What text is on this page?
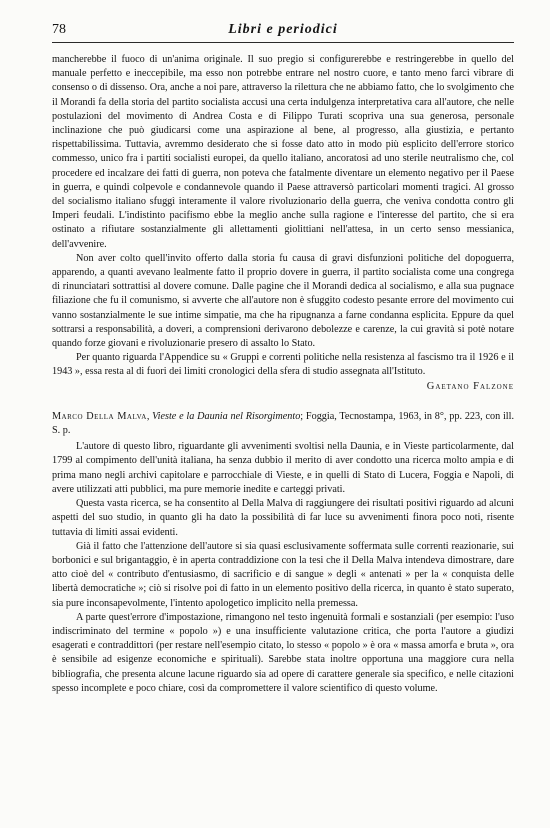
78	Libri e periodici

mancherebbe il fuoco di un'anima originale. Il suo pregio si configurerebbe e restringerebbe in quello del manuale perfetto e ineccepibile, ma esso non potrebbe entrare nel nostro cuore, e tanto meno farci vibrare di consenso o di dissenso. Ora, anche a noi pare, attraverso la rilettura che ne abbiamo fatto, che lo svolgimento che il Morandi fa della storia del partito socialista accusi una certa indulgenza interpretativa cara all'autore, che nelle postulazioni del movimento di Andrea Costa e di Filippo Turati scopriva una sua generosa, personale inclinazione che può giudicarsi come una aspirazione al bene, al progresso, alla giustizia, e pertanto rispettabilissima. Tuttavia, avremmo desiderato che si fosse dato atto in modo più esplicito dell'errore storico commesso, unico fra i partiti socialisti europei, da quello italiano, ancoratosi ad uno sterile neutralismo che, col procedere ed incalzare dei fatti di guerra, non poteva che fatalmente diventare un elemento negativo per il Paese in guerra, e quindi colpevole e condannevole quando il Paese attraversò particolari momenti tragici. Al grosso del socialismo italiano sfuggì interamente il valore rivoluzionario della guerra, che veniva condotta contro gli Imperi feudali. L'indistinto pacifismo ebbe la meglio anche sulla ragione e l'interesse del partito, che si era ostinato a rifiutare sostanzialmente gli allettamenti giolittiani nell'attesa, in un certo senso messianica, dell'avvenire.

Non aver colto quell'invito offerto dalla storia fu causa di gravi disfunzioni politiche del dopoguerra, apparendo, a quanti avevano lealmente fatto il proprio dovere in guerra, il partito socialista come una congrega di rinunciatari sottrattisi al dovere comune. Dalle pagine che il Morandi dedica al socialismo, e alla sua pugnace filiazione che fu il comunismo, si avverte che all'autore non è sfuggito codesto pesante errore del movimento cui vanno sostanzialmente le sue intime simpatie, ma che ha ripugnanza a farne condanna esplicita. Eppure da quel sottrarsi a responsabilità, a doveri, a comprensioni derivarono debolezze e carenze, la cui gravità si potè notare quando forze giovani e rivoluzionarie presero di assalto lo Stato.

Per quanto riguarda l'Appendice su « Gruppi e correnti politiche nella resistenza al fascismo tra il 1926 e il 1943 », essa resta al di fuori dei limiti cronologici della sfera di studio assegnata all'Istituto.

Gaetano Falzone

Marco Della Malva, Vieste e la Daunia nel Risorgimento; Foggia, Tecnostampa, 1963, in 8°, pp. 223, con ill. S. p.

L'autore di questo libro, riguardante gli avvenimenti svoltisi nella Daunia, e in Vieste particolarmente, dal 1799 al compimento dell'unità italiana, ha senza dubbio il merito di aver condotto una ricerca molto ampia e di prima mano negli archivi capitolare e parrocchiale di Vieste, e in quelli di Stato di Lucera, Foggia e Napoli, di avere utilizzati atti pubblici, ma pure memorie inedite e carteggi privati.

Questa vasta ricerca, se ha consentito al Della Malva di raggiungere dei risultati positivi riguardo ad alcuni aspetti del suo studio, in quanto gli ha dato la possibilità di far luce su avvenimenti finora poco noti, risente tuttavia di limiti assai evidenti.

Già il fatto che l'attenzione dell'autore si sia quasi esclusivamente soffermata sulle correnti reazionarie, sui borbonici e sul brigantaggio, è in aperta contraddizione con la tesi che il Della Malva intendeva dimostrare, dare atto cioè del « contributo d'entusiasmo, di sacrificio e di sangue » degli « antenati » per la « conquista delle libertà democratiche »; ciò si risolve poi di fatto in un elemento positivo della ricerca, in quanto è stato superato, sia pure inconsapevolmente, l'intento apologetico implicito nella premessa.

A parte quest'errore d'impostazione, rimangono nel testo ingenuità formali e sostanziali (per esempio: l'uso indiscriminato del termine « popolo ») e una insufficiente valutazione critica, che porta l'autore a giudizi esagerati e contraddittori (per restare nell'esempio citato, lo stesso « popolo » è ora « massa amorfa e bruta », ora è sensibile ad esigenze economiche e spirituali). Sarebbe stata inoltre opportuna una maggiore cura nella bibliografia, che presenta alcune lacune riguardo sia ad opere di carattere generale sia specifico, e nelle citazioni spesso incomplete e poco chiare, così da compromettere il valore scientifico di questo volume.
